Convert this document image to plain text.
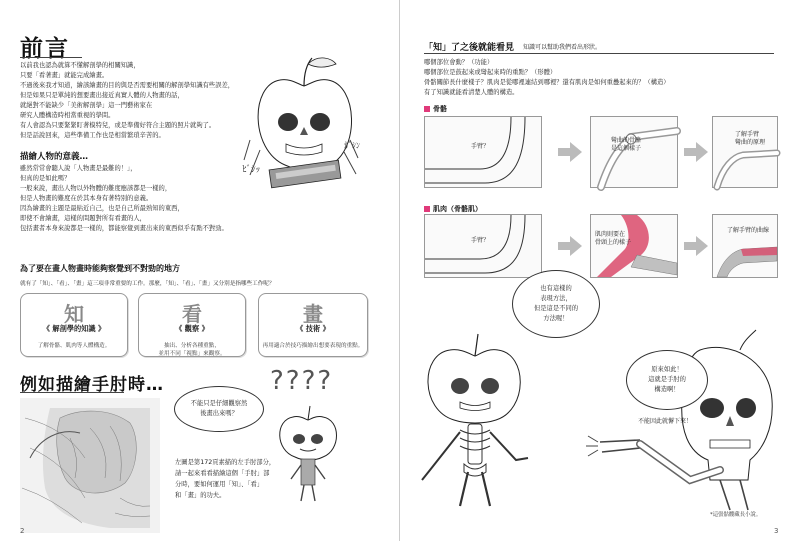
前言
以前我也認為就算不懂解剖學的相關知識，
只要「看著畫」就能完成繪畫。
不過後來我才知道，繪該繪畫的目的與是否需要相關的解剖學知識有些誤差，
但是如果只是單純的想要畫出接近真實人體的人物畫的話，
就絕對不能缺少「美術解剖學」這一門藝術家在
研究人體構造時相當重視的學問。
有人會認為只要緊緊盯著模特兒，或是準備好符合主題的照片就夠了。
但是話說回來，這些準備工作也是相當繁瑣辛苦的。
ﾋﾞｼｯ
ｶﾞｼﾝ
描繪人物的意義…
雖然常常會聽人說「人物畫是最難的！」，
但真的是如此嗎？
一般來說，畫出人物以外物體的難度應該都是一樣的，
但是人物畫的難度在於其本身有著特別的意義。
因為繪畫的主題是最貼近自己，也是自己所最熟知的東西，
即使不會繪畫，這樣的問題對所有看畫的人，
包括畫者本身來說都是一樣的，都能察覺到畫出來的東西似乎有點不對勁。
為了要在畫人物畫時能夠察覺到不對勁的地方
就有了「知」、「看」、「畫」這三項非常重要的工作。那麼，「知」、「看」、「畫」又分別是指哪些工作呢？
知
《 解剖學的知識 》
了解骨骼、肌肉等人體構造。
看
《 觀察 》
抽出、分析各種重點，
並用不同「視點」來觀察。
畫
《 技術 》
再用適合於技巧描繪出想要表現的重點。
例如描繪手肘時…	????
不能只是仔細觀察然
後畫出來嗎？
左圖是第172頁素描的左手肘部分，
請一起來看看描繪這個「手肘」部
分時，要如何運用「知」、「看」
和「畫」的功夫。
2
「知」了之後就能看見 知識可以幫助我們看出形狀。
哪個部位會動？（功能）
哪個部位是鼓起來或彎起來時的重點？（形體）
骨骼關節長什麼樣子？肌肉是從哪裡連結到哪裡？還有肌肉是如何重疊起來的？（構造）
有了知識就能看清楚人體的構造。
骨骼
手臂？
彎曲的骨骼
是這個樣子
了解手臂
彎曲的原理
肌肉（骨骼肌）
手臂？
肌肉則要在
骨頭上的樣子
了解手臂的曲線
也有這樣的
表現方法，
但是這是不同的
方法喔！
原來如此！
這就是手肘的
構造啊！
不能因此就懈下來！
*這張骷髏藏長小說。
3
